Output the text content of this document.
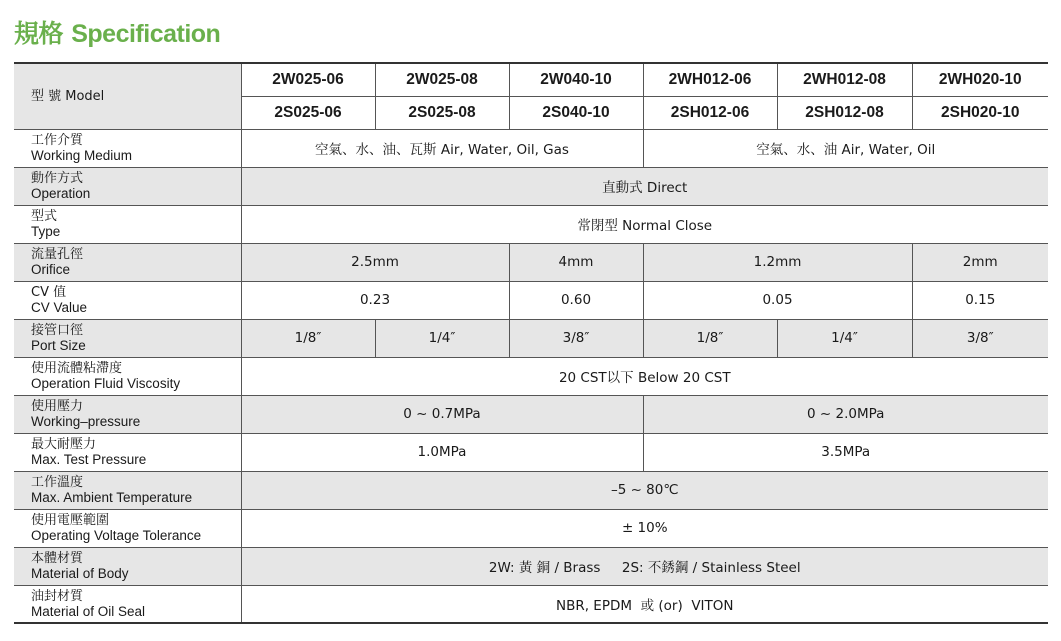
規格 Specification
型 號 Model	2W025-06	2W025-08	2W040-10	2WH012-06	2WH012-08	2WH020-10
	2S025-06	2S025-08	2S040-10	2SH012-06	2SH012-08	2SH020-10

工作介質
Working Medium	空氣、水、油、瓦斯 Air, Water, Oil, Gas			空氣、水、油 Air, Water, Oil		

動作方式
Operation	直動式 Direct					

型式
Type	常閉型 Normal Close					

流量孔徑
Orifice	2.5mm		4mm	1.2mm		2mm

CV 值
CV Value	0.23		0.60	0.05		0.15

接管口徑
Port Size	1/8″	1/4″	3/8″	1/8″	1/4″	3/8″

使用流體粘滯度
Operation Fluid Viscosity	20 CST以下 Below 20 CST					

使用壓力
Working–pressure	0 ~ 0.7MPa			0 ~ 2.0MPa		

最大耐壓力
Max. Test Pressure	1.0MPa			3.5MPa		

工作溫度
Max. Ambient Temperature	–5 ~ 80℃					

使用電壓範圍
Operating Voltage Tolerance	± 10%					

本體材質
Material of Body	2W: 黃 銅 / Brass     2S: 不銹鋼 / Stainless Steel					

油封材質
Material of Oil Seal	NBR, EPDM  或 (or)  VITON					
